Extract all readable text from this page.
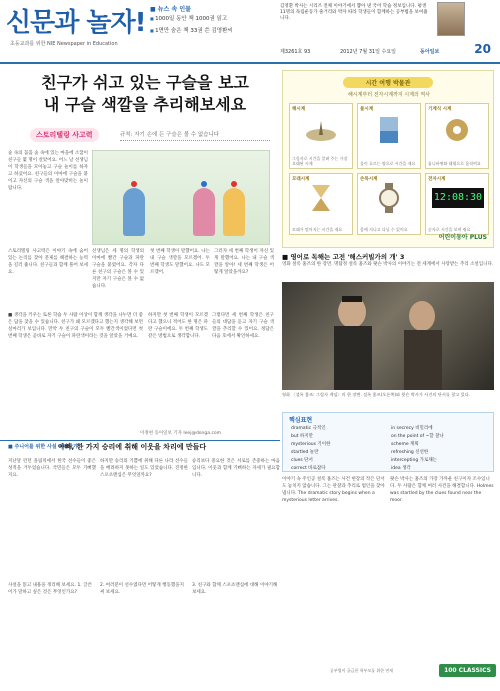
신문과 놀자!
초등교과를 위한 NIE Newspaper in Education
■ 뉴스 속 인물
■ 1000일 동안 책 1000권 읽고
■ 1면만 숨은 책 33권 쓴 김영환씨
김영환 박사는 시리즈 전체 이야기에서 뽑아 낸 국어 학습 정보입니다. 평생 11명의 독립운동가 줄거리와 박자 따라 학생들이 함께하는 공부법을 보여줍니다.
제3261호 93	2012년 7월 31일 수요일	동아일보	20
친구가 쉬고 있는 구슬을 보고
내 구슬 색깔을 추리해보세요
스토리텔링 사고력	규칙: 자기 손에 든 구슬은 볼 수 없습니다
숲 속의 꼼꼼 숲 속에 있는 마을에 소꿉이 친구들 몇 명이 살았어요. 어느 날 선생님이 학생들을 모아놓고 구슬 놀이를 하자고 하셨어요. 친구들의 이마에 구슬을 붙이고 자신의 구슬 색을 알아맞히는 놀이랍니다.
스토리텔링 사고력은 이야기 속에 숨어 있는 논리를 찾아 문제를 해결하는 능력을 길러 줍니다. 친구들과 함께 풀어 보세요.
선생님은 세 명의 학생의 이마에 빨간 구슬과 파란 구슬을 붙였어요. 각자 다른 친구의 구슬은 볼 수 있지만 자기 구슬은 볼 수 없습니다.
첫 번째 학생이 말했어요. 나는 내 구슬 색깔을 모르겠어. 두 번째 학생도 말했어요. 나도 모르겠어.
그러자 세 번째 학생이 자신 있게 말했어요. 나는 내 구슬 색깔을 알아! 세 번째 학생은 어떻게 알았을까요?
■ 생각을 키우는 토론 학습 두 사람 이상이 함께 생각을 나누면 더 좋은 답을 찾을 수 있습니다. 친구가 왜 모르겠다고 했는지 생각해 보면 실마리가 보입니다. 만약 두 친구의 구슬이 모두 빨간색이었다면 첫 번째 학생은 곧바로 자기 구슬이 파란색이라는 것을 알았을 거예요.
하지만 첫 번째 학생이 모르겠다고 했으니 적어도 한 명은 파란 구슬이에요. 두 번째 학생도 같은 방법으로 생각합니다.
그렇다면 세 번째 학생은 친구들의 대답을 듣고 자기 구슬 색깔을 추리할 수 있어요. 정답은 다음 호에서 확인하세요.
이정현 동아일보 기자 leej@donga.com
시간 여행 박물관
해시계부터 전자시계까지 시계의 역사
해시계
그림자로 시간을 알려 주는 가장 오래된 시계
물시계
물이 흐르는 양으로 시간을 재요
기계식 시계
톱니바퀴와 태엽으로 움직여요
모래시계
모래가 떨어지는 시간을 재요
손목시계
몸에 지니고 다닐 수 있어요
전자시계
12:08:30
숫자로 시간을 보여 줘요
어린이동아 PLUS
■ 영어로 독해는 고전 '해스커빌가의 개' 3
영화 셜록 홈즈의 한 장면. 명탐정 셜록 홈즈와 왓슨 박사의 이야기는 전 세계에서 사랑받는 추리 소설입니다.
영화 〈셜록 홈즈: 그림자 게임〉의 한 장면. 셜록 홈즈(오른쪽)와 왓슨 박사가 사건의 단서를 찾고 있다.
핵심표현
dramatic 극적인	in secrecy 비밀리에
but 하지만	on the point of ~할 찰나
mysterious 기이한	scheme 계획
startled 놀란	refreshing 신선한
clues 단서	intercepting 가로채는
correct 바로잡다	idea 생각
■ 주니어를 위한 사설 따라잡기
아빠, 한 가지 승리에 취해 이웃을 차리에 만들다
지난달 런던 올림픽에서 한국 선수들이 좋은 성적을 거두었습니다. 국민들은 모두 기뻐했지요.
하지만 승리의 기쁨에 취해 다른 나라 선수들을 배려하지 못하는 일도 있었습니다. 진정한 스포츠맨십은 무엇일까요?
승리보다 중요한 것은 서로를 존중하는 마음입니다. 이웃과 함께 기뻐하는 자세가 필요합니다.
사설을 읽고 내용을 정리해 보세요. 1. 글쓴이가 말하고 싶은 것은 무엇인가요?
2. 여러분이 선수였다면 어떻게 행동했을지 써 보세요.
3. 친구와 함께 스포츠맨십에 대해 이야기해 보세요.
이야기 속 주인공 셜록 홈즈는 사건 현장의 작은 단서도 놓치지 않습니다. 그는 관찰과 추리로 범인을 찾아냅니다. The dramatic story begins when a mysterious letter arrives.
왓슨 박사는 홈즈의 가장 가까운 친구이자 조수입니다. 두 사람은 함께 여러 사건을 해결합니다. Holmes was startled by the clues found near the moor.
공부법이 궁금한 학부모를 위한 연재	100 CLASSICS
